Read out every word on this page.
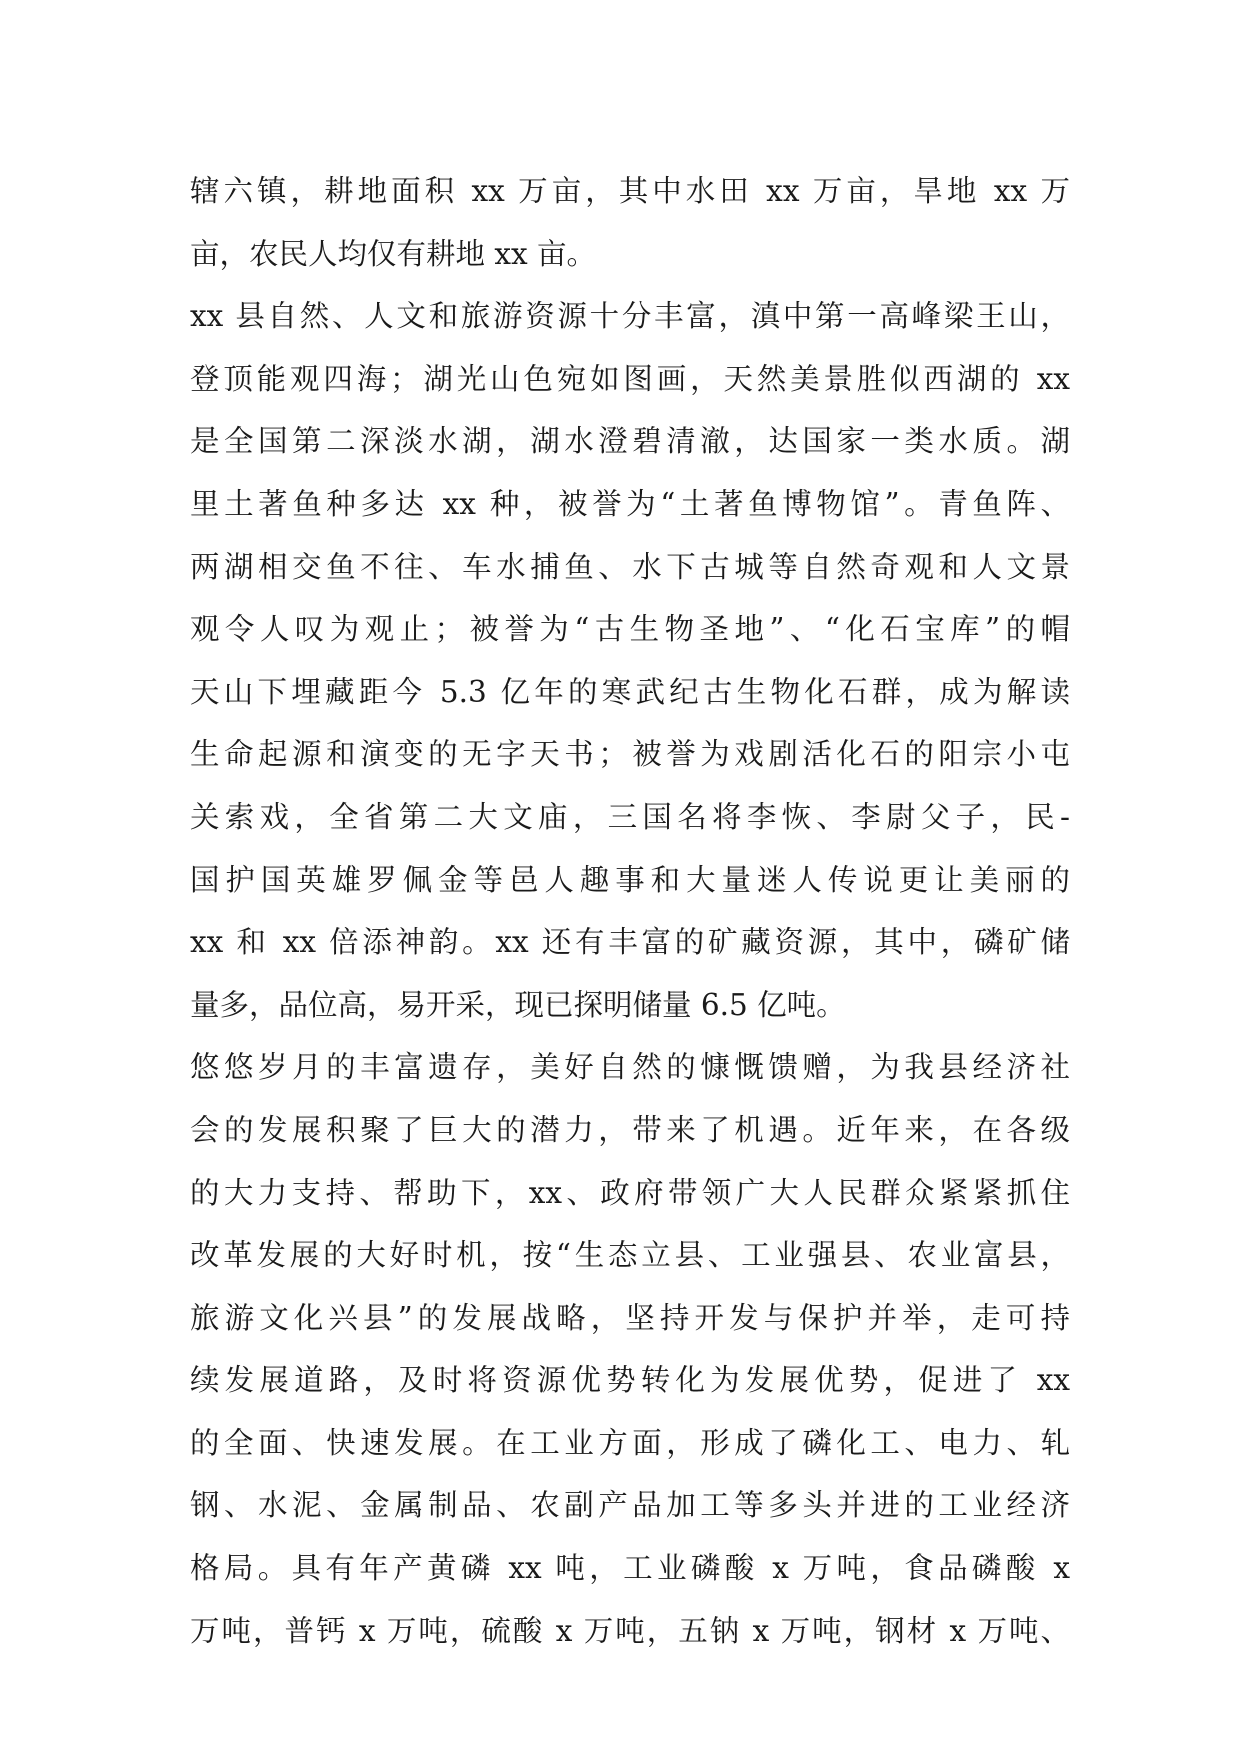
辖六镇，耕地面积 xx 万亩，其中水田 xx 万亩，旱地 xx 万
亩，农民人均仅有耕地 xx 亩。
xx 县自然、人文和旅游资源十分丰富，滇中第一高峰梁王山，
登顶能观四海；湖光山色宛如图画，天然美景胜似西湖的 xx
是全国第二深淡水湖，湖水澄碧清澈，达国家一类水质。湖
里土著鱼种多达 xx 种，被誉为“土著鱼博物馆”。青鱼阵、
两湖相交鱼不往、车水捕鱼、水下古城等自然奇观和人文景
观令人叹为观止；被誉为“古生物圣地”、“化石宝库”的帽
天山下埋藏距今 5.3 亿年的寒武纪古生物化石群，成为解读
生命起源和演变的无字天书；被誉为戏剧活化石的阳宗小屯
关索戏，全省第二大文庙，三国名将李恢、李尉父子，民-
国护国英雄罗佩金等邑人趣事和大量迷人传说更让美丽的
xx 和 xx 倍添神韵。xx 还有丰富的矿藏资源，其中，磷矿储
量多，品位高，易开采，现已探明储量 6.5 亿吨。
悠悠岁月的丰富遗存，美好自然的慷慨馈赠，为我县经济社
会的发展积聚了巨大的潜力，带来了机遇。近年来，在各级
的大力支持、帮助下，xx、政府带领广大人民群众紧紧抓住
改革发展的大好时机，按“生态立县、工业强县、农业富县，
旅游文化兴县”的发展战略，坚持开发与保护并举，走可持
续发展道路，及时将资源优势转化为发展优势，促进了 xx
的全面、快速发展。在工业方面，形成了磷化工、电力、轧
钢、水泥、金属制品、农副产品加工等多头并进的工业经济
格局。具有年产黄磷 xx 吨，工业磷酸 x 万吨，食品磷酸 x
万吨，普钙 x 万吨，硫酸 x 万吨，五钠 x 万吨，钢材 x 万吨、
